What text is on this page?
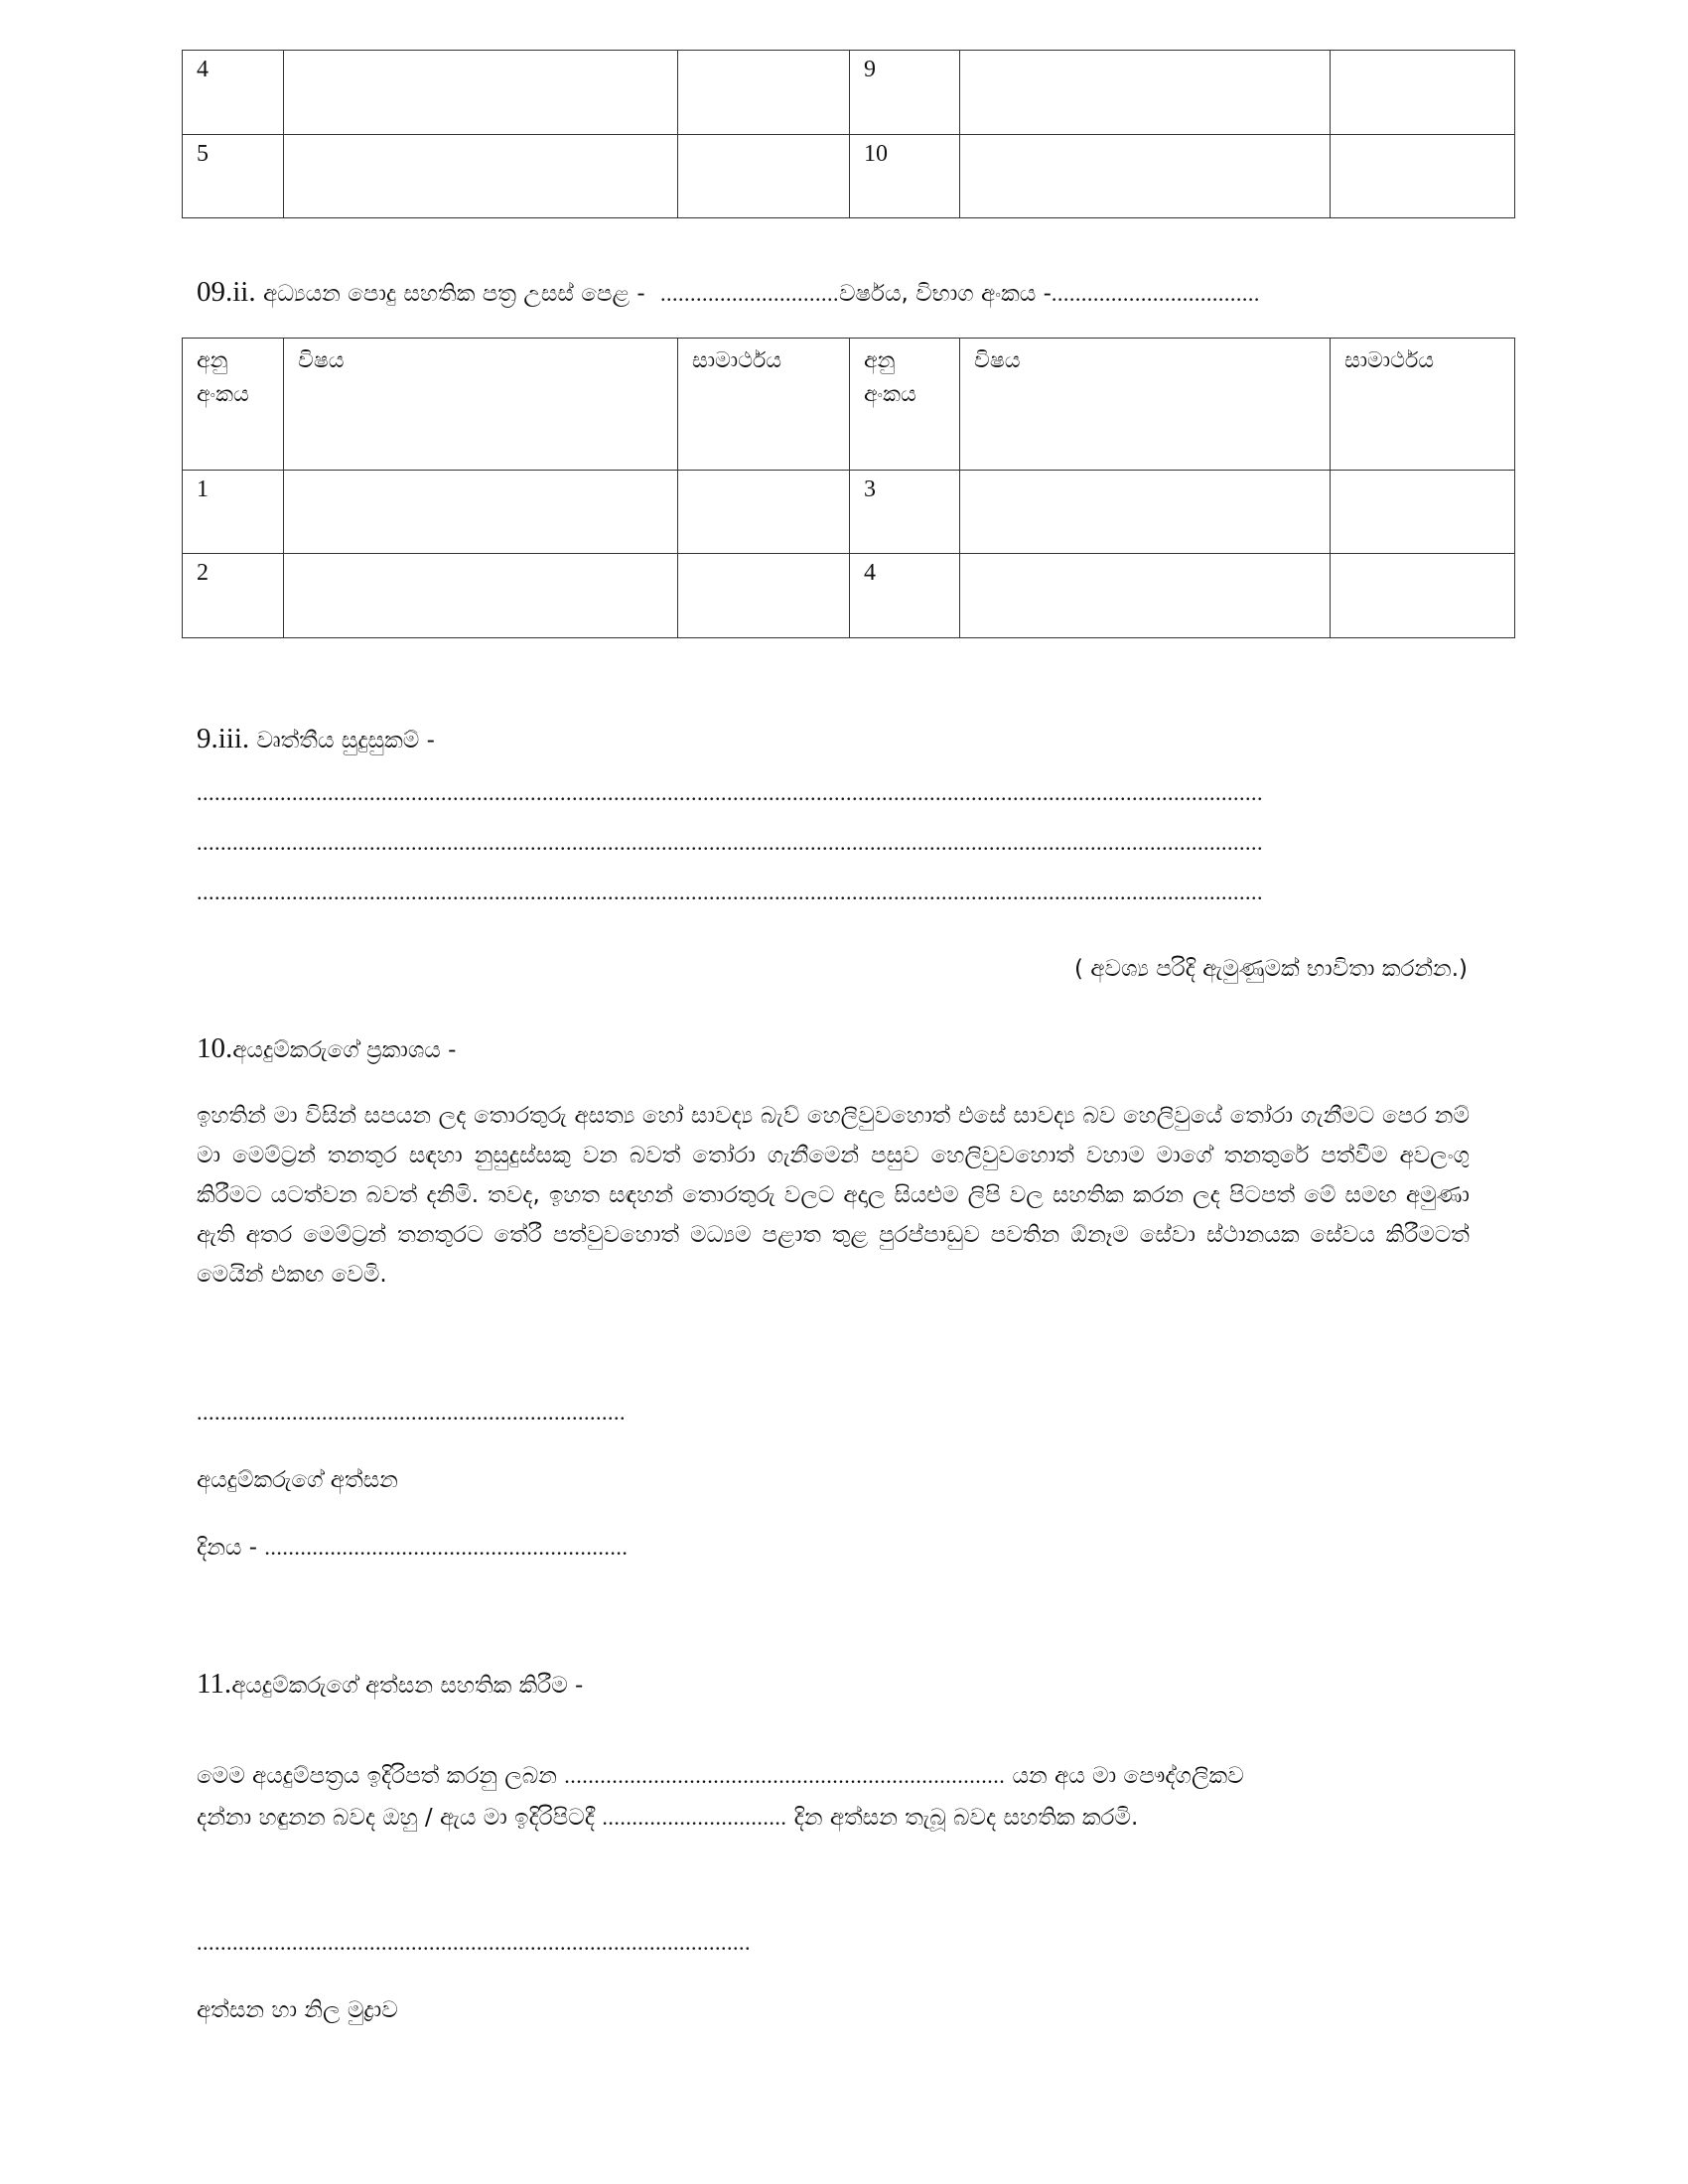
4			9		
5			10		
09.ii. අධ්‍යයන පොදු සහතික පත්‍ර උසස් පෙළ - ..............................වර්ෂය, විභාග අංකය -...................................
අනු අංකය	විෂය	සාමාර්ථය	අනු අංකය	විෂය	සාමාර්ථය
1			3		
2			4		
9.iii. වෘත්තීය සුදුසුකම් -
...................................................................................................................................................................................
...................................................................................................................................................................................
...................................................................................................................................................................................
( අවශ්‍ය පරිදි ඇමුණුමක් භාවිතා කරන්න.)
10.අයදුම්කරුගේ ප්‍රකාශය -
ඉහතින් මා විසින් සපයන ලද තොරතුරු අසත්‍ය හෝ සාවද්‍ය බැව් හෙලිවුවහොත් එසේ සාවද්‍ය බව හෙලිවුයේ තෝරා ගැනීමට පෙර නම් මා මෙම්ට්‍රන් තනතුර සඳහා නුසුදුස්සකු වන බවත් තෝරා ගැනීමෙන් පසුව හෙලිවුවහොත් වහාම මාගේ තනතුරේ පත්වීම අවලංගු කිරීමට යටත්වන බවත් දනිමි. තවද, ඉහත සඳහන් තොරතුරු වලට අදාල සියළුම ලිපි වල සහතික කරන ලද පිටපත් මේ සමඟ අමුණා ඇති අතර මෙම්ට්‍රන් තනතුරට තේරී පත්වුවහොත් මධ්‍යම පළාත තුළ පුරප්පාඩුව පවතින ඕනෑම සේවා ස්ථානයක සේවය කිරීමටත් මෙයින් එකඟ වෙමි.
........................................................................
අයදුම්කරුගේ අත්සන
දිනය - .............................................................
11.අයදුම්කරුගේ අත්සන සහතික කිරීම -
මෙම අයදුම්පත්‍රය ඉදිරිපත් කරනු ලබන .......................................................................... යන අය මා පෞද්ගලිකව
දන්නා හඳුනන බවද ඔහු / ඇය මා ඉදිරිපිටදී ............................... දින අත්සන තැබූ බවද සහතික කරමි.
.............................................................................................
අත්සන හා නිල මුද්‍රාව
